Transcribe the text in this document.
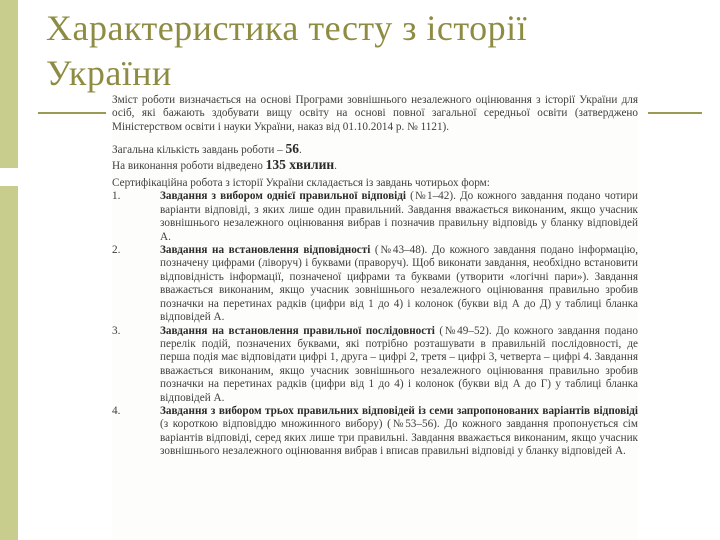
Характеристика тесту з історії України

Зміст роботи визначається на основі Програми зовнішнього незалежного оцінювання з історії України для осіб, які бажають здобувати вищу освіту на основі повної загальної середньої освіти (затверджено Міністерством освіти і науки України, наказ від 01.10.2014 р. № 1121).

Загальна кількість завдань роботи – 56.

На виконання роботи відведено 135 хвилин.

Сертифікаційна робота з історії України складається із завдань чотирьох форм:

1.	Завдання з вибором однієї правильної відповіді (№1–42). До кожного завдання подано чотири варіанти відповіді, з яких лише один правильний. Завдання вважається виконаним, якщо учасник зовнішнього незалежного оцінювання вибрав і позначив правильну відповідь у бланку відповідей А.
2.	Завдання на встановлення відповідності (№43–48). До кожного завдання подано інформацію, позначену цифрами (ліворуч) і буквами (праворуч). Щоб виконати завдання, необхідно встановити відповідність інформації, позначеної цифрами та буквами (утворити «логічні пари»). Завдання вважається виконаним, якщо учасник зовнішнього незалежного оцінювання правильно зробив позначки на перетинах радків (цифри від 1 до 4) і колонок (букви від А до Д) у таблиці бланка відповідей А.
3.	Завдання на встановлення правильної послідовності (№49–52). До кожного завдання подано перелік подій, позначених буквами, які потрібно розташувати в правильній послідовності, де перша подія має відповідати цифрі 1, друга – цифрі 2, третя – цифрі 3, четверта – цифрі 4. Завдання вважається виконаним, якщо учасник зовнішнього незалежного оцінювання правильно зробив позначки на перетинах радків (цифри від 1 до 4) і колонок (букви від А до Г) у таблиці бланка відповідей А.
4.	Завдання з вибором трьох правильних відповідей із семи запропонованих варіантів відповіді (з короткою відповіддю множинного вибору) (№53–56). До кожного завдання пропонується сім варіантів відповіді, серед яких лише три правильні. Завдання вважається виконаним, якщо учасник зовнішнього незалежного оцінювання вибрав і вписав правильні відповіді у бланку відповідей А.
